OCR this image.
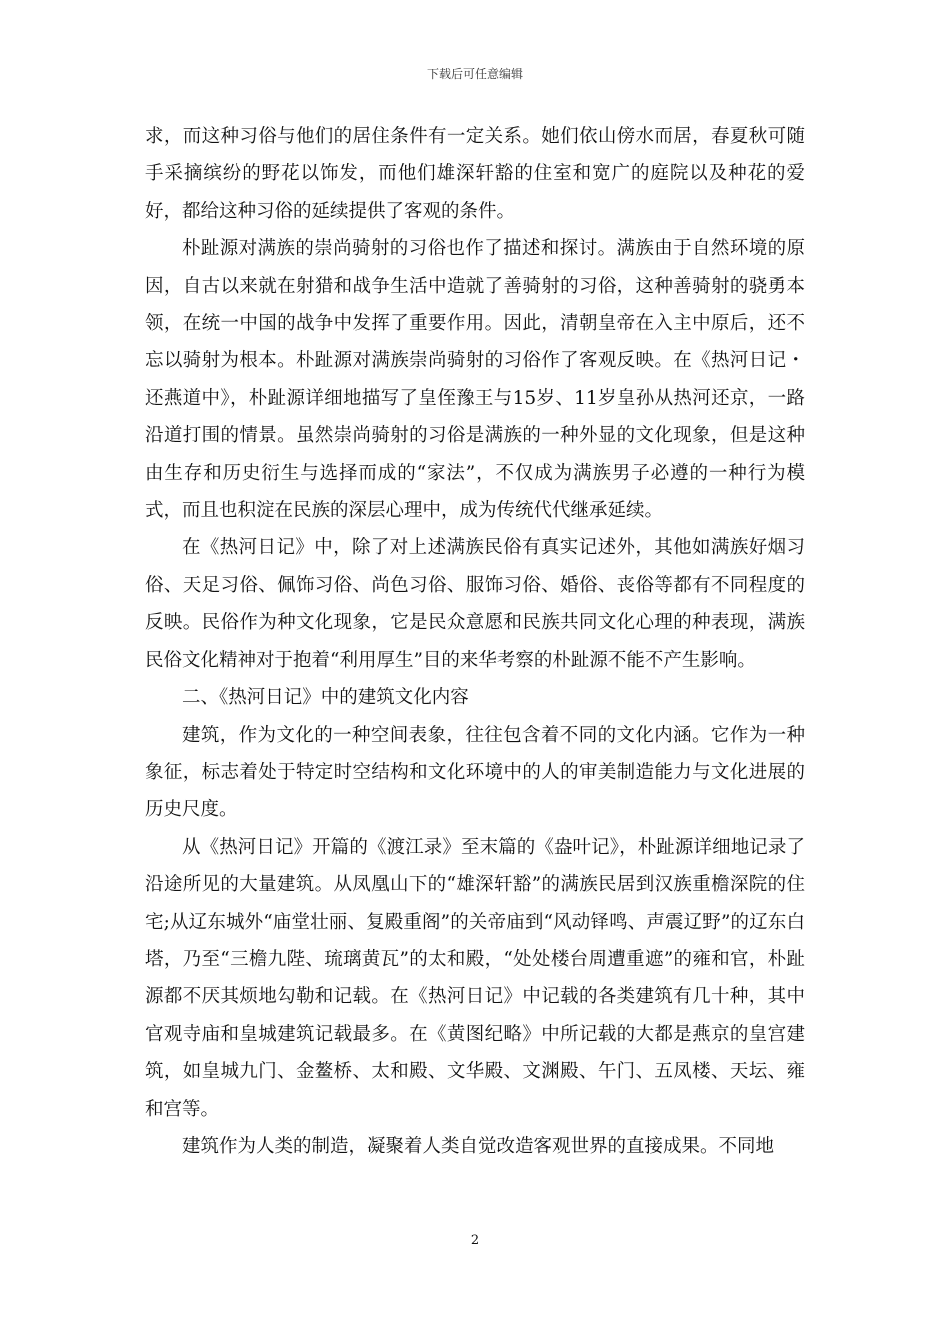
下载后可任意编辑

求，而这种习俗与他们的居住条件有一定关系。她们依山傍水而居，春夏秋可随手采摘缤纷的野花以饰发，而他们雄深轩豁的住室和宽广的庭院以及种花的爱好，都给这种习俗的延续提供了客观的条件。

朴趾源对满族的崇尚骑射的习俗也作了描述和探讨。满族由于自然环境的原因，自古以来就在射猎和战争生活中造就了善骑射的习俗，这种善骑射的骁勇本领，在统一中国的战争中发挥了重要作用。因此，清朝皇帝在入主中原后，还不忘以骑射为根本。朴趾源对满族崇尚骑射的习俗作了客观反映。在《热河日记・还燕道中》，朴趾源详细地描写了皇侄豫王与15岁、11岁皇孙从热河还京，一路沿道打围的情景。虽然崇尚骑射的习俗是满族的一种外显的文化现象，但是这种由生存和历史衍生与选择而成的“家法”，不仅成为满族男子必遵的一种行为模式，而且也积淀在民族的深层心理中，成为传统代代继承延续。

在《热河日记》中，除了对上述满族民俗有真实记述外，其他如满族好烟习俗、天足习俗、佩饰习俗、尚色习俗、服饰习俗、婚俗、丧俗等都有不同程度的反映。民俗作为种文化现象，它是民众意愿和民族共同文化心理的种表现，满族民俗文化精神对于抱着“利用厚生”目的来华考察的朴趾源不能不产生影响。

二、《热河日记》中的建筑文化内容

建筑，作为文化的一种空间表象，往往包含着不同的文化内涵。它作为一种象征，标志着处于特定时空结构和文化环境中的人的审美制造能力与文化进展的历史尺度。

从《热河日记》开篇的《渡江录》至末篇的《盎叶记》，朴趾源详细地记录了沿途所见的大量建筑。从凤凰山下的“雄深轩豁”的满族民居到汉族重檐深院的住宅;从辽东城外“庙堂壮丽、复殿重阁”的关帝庙到“风动铎鸣、声震辽野”的辽东白塔，乃至“三檐九陛、琉璃黄瓦”的太和殿，“处处楼台周遭重遮”的雍和官，朴趾源都不厌其烦地勾勒和记载。在《热河日记》中记载的各类建筑有几十种，其中官观寺庙和皇城建筑记载最多。在《黄图纪略》中所记载的大都是燕京的皇宫建筑，如皇城九门、金鳌桥、太和殿、文华殿、文渊殿、午门、五凤楼、天坛、雍和宫等。

建筑作为人类的制造，凝聚着人类自觉改造客观世界的直接成果。不同地

2
